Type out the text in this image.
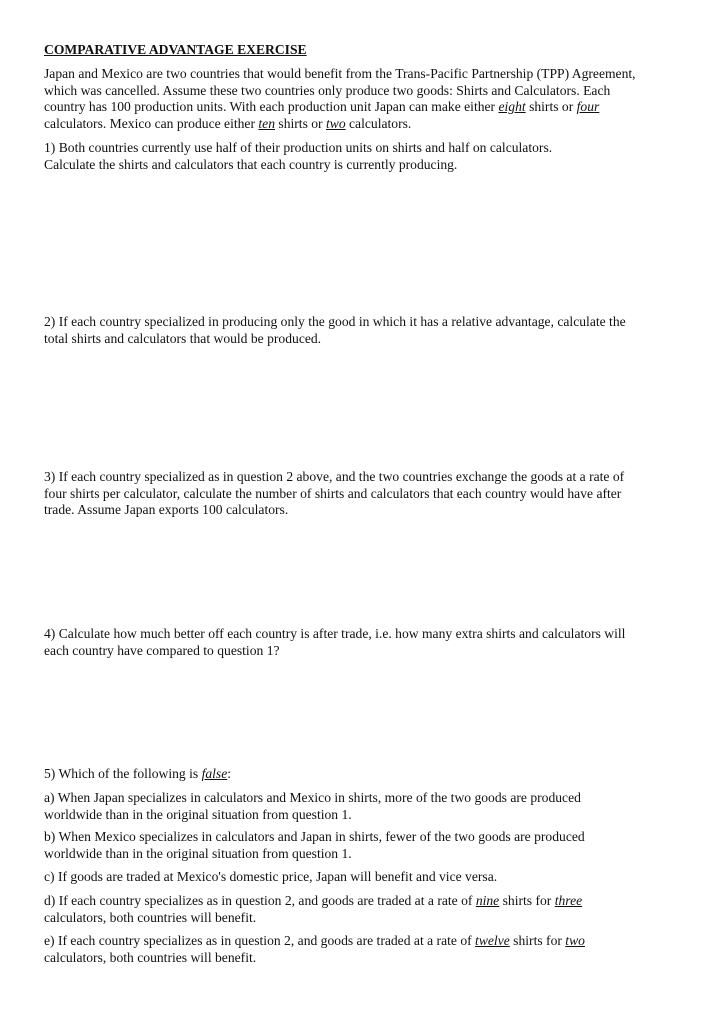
COMPARATIVE ADVANTAGE EXERCISE
Japan and Mexico are two countries that would benefit from the Trans-Pacific Partnership (TPP) Agreement,
which was cancelled. Assume these two countries only produce two goods: Shirts and Calculators. Each
country has 100 production units. With each production unit Japan can make either eight shirts or four
calculators. Mexico can produce either ten shirts or two calculators.
1) Both countries currently use half of their production units on shirts and half on calculators.
Calculate the shirts and calculators that each country is currently producing.
2) If each country specialized in producing only the good in which it has a relative advantage, calculate the
total shirts and calculators that would be produced.
3) If each country specialized as in question 2 above, and the two countries exchange the goods at a rate of
four shirts per calculator, calculate the number of shirts and calculators that each country would have after
trade. Assume Japan exports 100 calculators.
4) Calculate how much better off each country is after trade, i.e. how many extra shirts and calculators will
each country have compared to question 1?
5) Which of the following is false:
a) When Japan specializes in calculators and Mexico in shirts, more of the two goods are produced
worldwide than in the original situation from question 1.
b) When Mexico specializes in calculators and Japan in shirts, fewer of the two goods are produced
worldwide than in the original situation from question 1.
c) If goods are traded at Mexico's domestic price, Japan will benefit and vice versa.
d) If each country specializes as in question 2, and goods are traded at a rate of nine shirts for three
calculators, both countries will benefit.
e) If each country specializes as in question 2, and goods are traded at a rate of twelve shirts for two
calculators, both countries will benefit.
